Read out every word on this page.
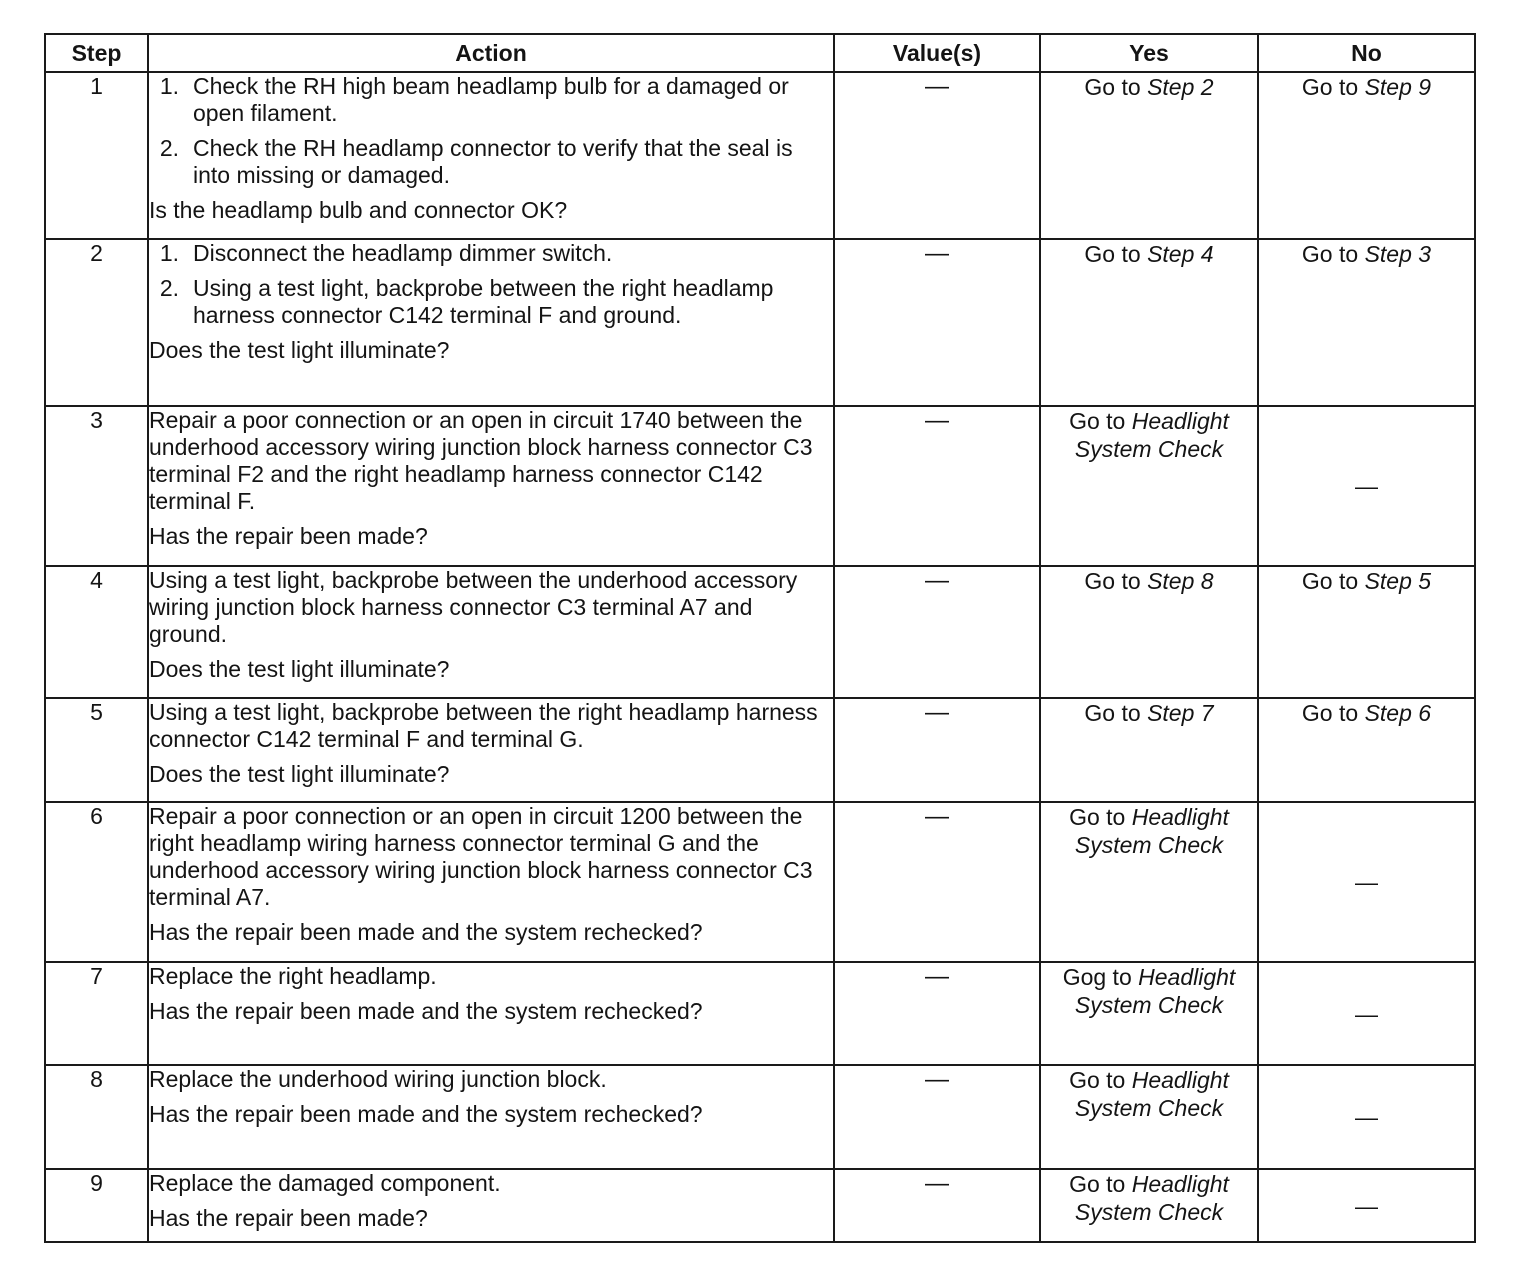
Step	Action	Value(s)	Yes	No
1	1. Check the RH high beam headlamp bulb for a damaged or open filament.
2. Check the RH headlamp connector to verify that the seal is into missing or damaged.
Is the headlamp bulb and connector OK?	—	Go to Step 2	Go to Step 9
2	1. Disconnect the headlamp dimmer switch.
2. Using a test light, backprobe between the right headlamp harness connector C142 terminal F and ground.
Does the test light illuminate?	—	Go to Step 4	Go to Step 3
3	Repair a poor connection or an open in circuit 1740 between the underhood accessory wiring junction block harness connector C3 terminal F2 and the right headlamp harness connector C142 terminal F.
Has the repair been made?	—	Go to Headlight System Check	—
4	Using a test light, backprobe between the underhood accessory wiring junction block harness connector C3 terminal A7 and ground.
Does the test light illuminate?	—	Go to Step 8	Go to Step 5
5	Using a test light, backprobe between the right headlamp harness connector C142 terminal F and terminal G.
Does the test light illuminate?	—	Go to Step 7	Go to Step 6
6	Repair a poor connection or an open in circuit 1200 between the right headlamp wiring harness connector terminal G and the underhood accessory wiring junction block harness connector C3 terminal A7.
Has the repair been made and the system rechecked?	—	Go to Headlight System Check	—
7	Replace the right headlamp.
Has the repair been made and the system rechecked?	—	Gog to Headlight System Check	—
8	Replace the underhood wiring junction block.
Has the repair been made and the system rechecked?	—	Go to Headlight System Check	—
9	Replace the damaged component.
Has the repair been made?	—	Go to Headlight System Check	—
